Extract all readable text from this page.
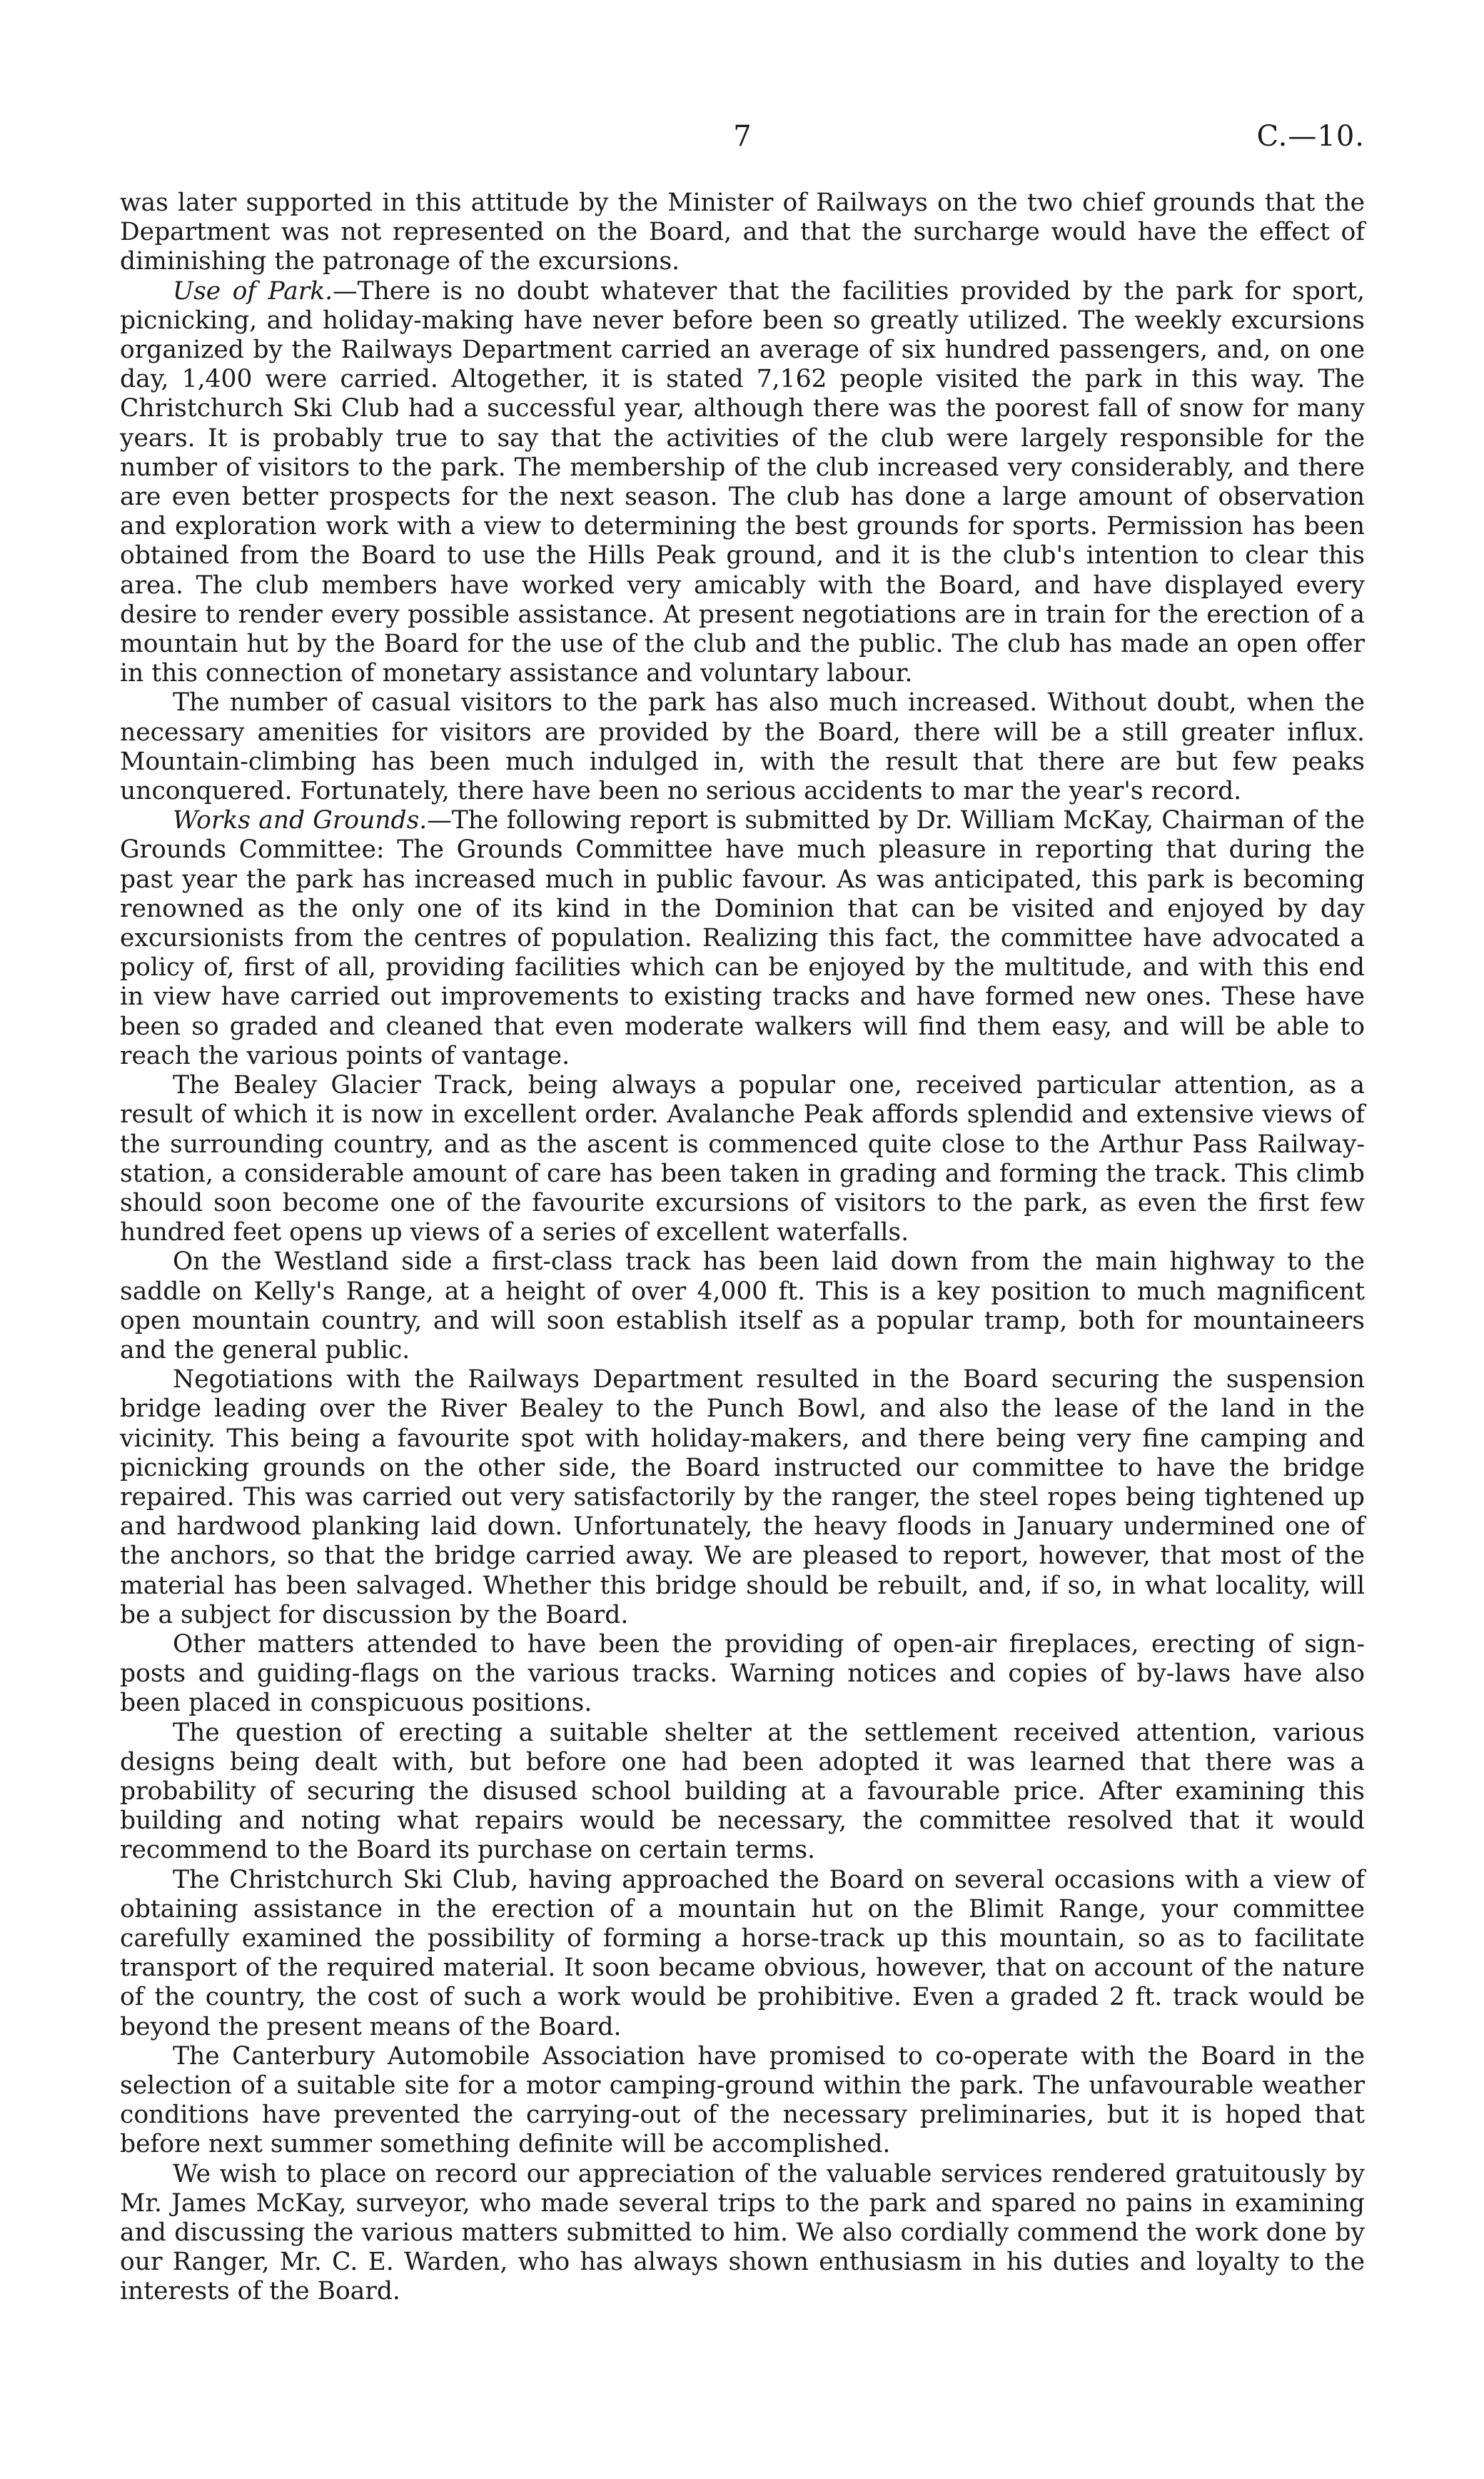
7	C.—10.

was later supported in this attitude by the Minister of Railways on the two chief grounds that the Department was not represented on the Board, and that the surcharge would have the effect of diminishing the patronage of the excursions.

Use of Park.—There is no doubt whatever that the facilities provided by the park for sport, picnicking, and holiday-making have never before been so greatly utilized. The weekly excursions organized by the Railways Department carried an average of six hundred passengers, and, on one day, 1,400 were carried. Altogether, it is stated 7,162 people visited the park in this way. The Christchurch Ski Club had a successful year, although there was the poorest fall of snow for many years. It is probably true to say that the activities of the club were largely responsible for the number of visitors to the park. The membership of the club increased very considerably, and there are even better prospects for the next season. The club has done a large amount of observation and exploration work with a view to determining the best grounds for sports. Permission has been obtained from the Board to use the Hills Peak ground, and it is the club's intention to clear this area. The club members have worked very amicably with the Board, and have displayed every desire to render every possible assistance. At present negotiations are in train for the erection of a mountain hut by the Board for the use of the club and the public. The club has made an open offer in this connection of monetary assistance and voluntary labour.

The number of casual visitors to the park has also much increased. Without doubt, when the necessary amenities for visitors are provided by the Board, there will be a still greater influx. Mountain-climbing has been much indulged in, with the result that there are but few peaks unconquered. Fortunately, there have been no serious accidents to mar the year's record.

Works and Grounds.—The following report is submitted by Dr. William McKay, Chairman of the Grounds Committee: The Grounds Committee have much pleasure in reporting that during the past year the park has increased much in public favour. As was anticipated, this park is becoming renowned as the only one of its kind in the Dominion that can be visited and enjoyed by day excursionists from the centres of population. Realizing this fact, the committee have advocated a policy of, first of all, providing facilities which can be enjoyed by the multitude, and with this end in view have carried out improvements to existing tracks and have formed new ones. These have been so graded and cleaned that even moderate walkers will find them easy, and will be able to reach the various points of vantage.

The Bealey Glacier Track, being always a popular one, received particular attention, as a result of which it is now in excellent order. Avalanche Peak affords splendid and extensive views of the surrounding country, and as the ascent is commenced quite close to the Arthur Pass Railway-station, a considerable amount of care has been taken in grading and forming the track. This climb should soon become one of the favourite excursions of visitors to the park, as even the first few hundred feet opens up views of a series of excellent waterfalls.

On the Westland side a first-class track has been laid down from the main highway to the saddle on Kelly's Range, at a height of over 4,000 ft. This is a key position to much magnificent open mountain country, and will soon establish itself as a popular tramp, both for mountaineers and the general public.

Negotiations with the Railways Department resulted in the Board securing the suspension bridge leading over the River Bealey to the Punch Bowl, and also the lease of the land in the vicinity. This being a favourite spot with holiday-makers, and there being very fine camping and picnicking grounds on the other side, the Board instructed our committee to have the bridge repaired. This was carried out very satisfactorily by the ranger, the steel ropes being tightened up and hardwood planking laid down. Unfortunately, the heavy floods in January undermined one of the anchors, so that the bridge carried away. We are pleased to report, however, that most of the material has been salvaged. Whether this bridge should be rebuilt, and, if so, in what locality, will be a subject for discussion by the Board.

Other matters attended to have been the providing of open-air fireplaces, erecting of sign-posts and guiding-flags on the various tracks. Warning notices and copies of by-laws have also been placed in conspicuous positions.

The question of erecting a suitable shelter at the settlement received attention, various designs being dealt with, but before one had been adopted it was learned that there was a probability of securing the disused school building at a favourable price. After examining this building and noting what repairs would be necessary, the committee resolved that it would recommend to the Board its purchase on certain terms.

The Christchurch Ski Club, having approached the Board on several occasions with a view of obtaining assistance in the erection of a mountain hut on the Blimit Range, your committee carefully examined the possibility of forming a horse-track up this mountain, so as to facilitate transport of the required material. It soon became obvious, however, that on account of the nature of the country, the cost of such a work would be prohibitive. Even a graded 2 ft. track would be beyond the present means of the Board.

The Canterbury Automobile Association have promised to co-operate with the Board in the selection of a suitable site for a motor camping-ground within the park. The unfavourable weather conditions have prevented the carrying-out of the necessary preliminaries, but it is hoped that before next summer something definite will be accomplished.

We wish to place on record our appreciation of the valuable services rendered gratuitously by Mr. James McKay, surveyor, who made several trips to the park and spared no pains in examining and discussing the various matters submitted to him. We also cordially commend the work done by our Ranger, Mr. C. E. Warden, who has always shown enthusiasm in his duties and loyalty to the interests of the Board.
